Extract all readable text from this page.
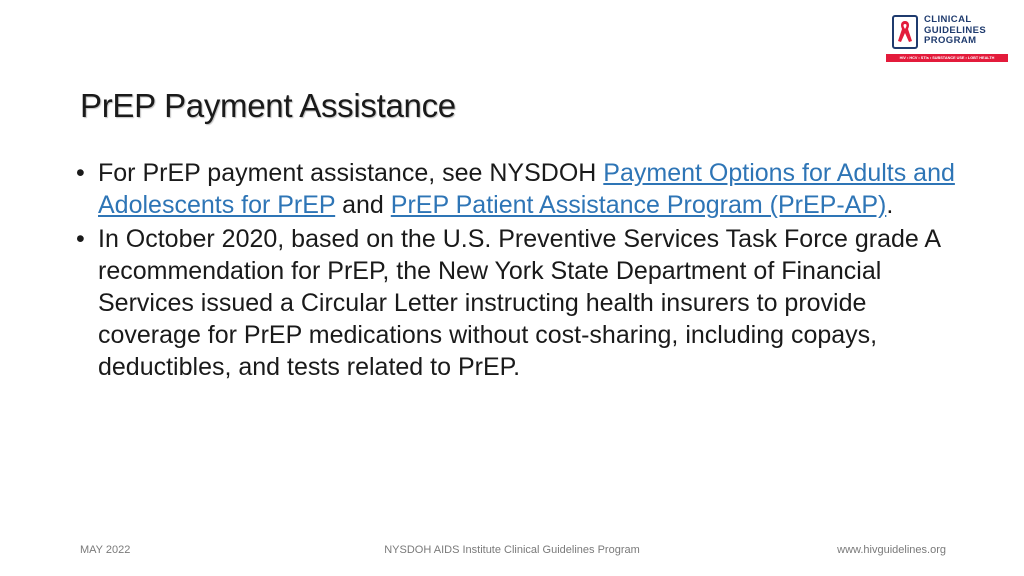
CLINICAL
GUIDELINES
PROGRAM
HIV • HCV • STIs • SUBSTANCE USE • LGBT HEALTH
PrEP Payment Assistance
• For PrEP payment assistance, see NYSDOH Payment Options for Adults and Adolescents for PrEP and PrEP Patient Assistance Program (PrEP-AP).
• In October 2020, based on the U.S. Preventive Services Task Force grade A recommendation for PrEP, the New York State Department of Financial Services issued a Circular Letter instructing health insurers to provide coverage for PrEP medications without cost-sharing, including copays, deductibles, and tests related to PrEP.
MAY 2022	NYSDOH AIDS Institute Clinical Guidelines Program	www.hivguidelines.org
